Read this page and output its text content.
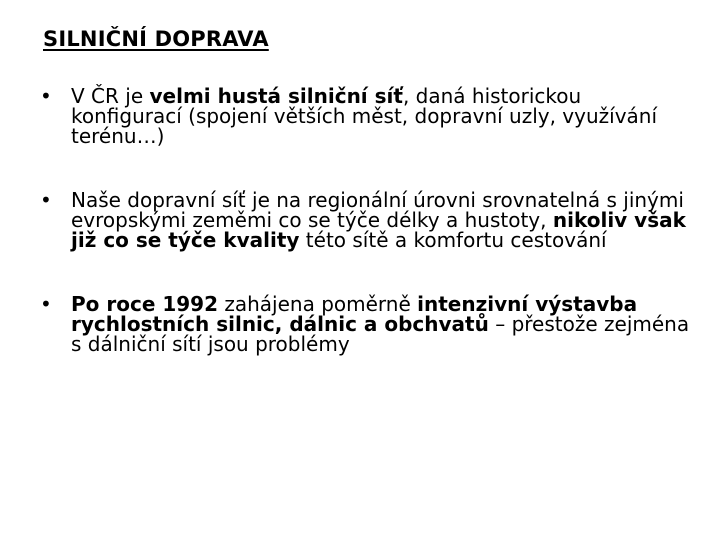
SILNIČNÍ DOPRAVA
• V ČR je velmi hustá silniční síť, daná historickou konfigurací (spojení větších měst, dopravní uzly, využívání terénu…)
• Naše dopravní síť je na regionální úrovni srovnatelná s jinými evropskými zeměmi co se týče délky a hustoty, nikoliv však již co se týče kvality této sítě a komfortu cestování
• Po roce 1992 zahájena poměrně intenzivní výstavba rychlostních silnic, dálnic a obchvatů – přestože zejména s dálniční sítí jsou problémy
